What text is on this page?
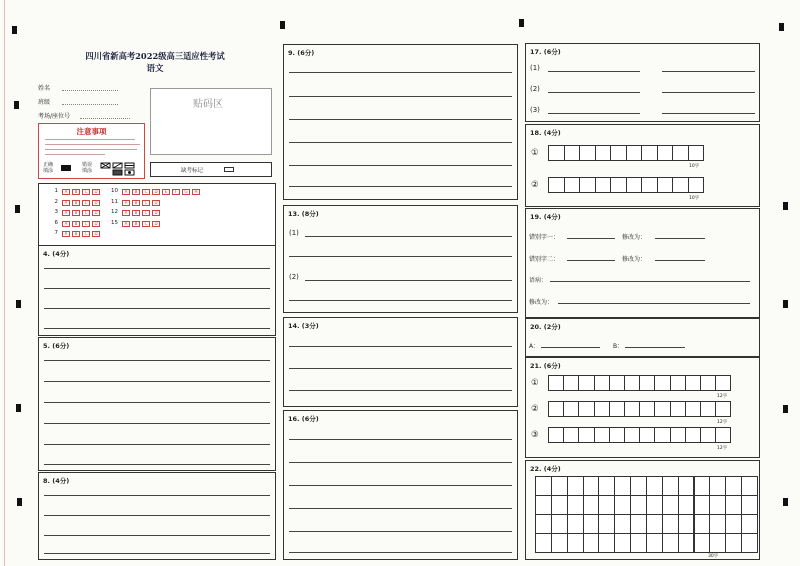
四川省新高考2022级高三适应性考试
语文
姓名
班级
考场/座位号
贴码区
注意事项
正确
填涂
错误
填涂	缺考标记
4. (4分)
5. (6分)
8. (4分)
9. (6分)
13. (8分)
(1)
(2)
14. (3分)
16. (6分)
17. (6分)
(1)
(2)
(3)
18. (4分)
①
10字
②
10字
19. (4分)
错别字一：	修改为：
错别字二：	修改为：
语病：
修改为：
20. (2分)
A：	B：
21. (6分)
①
12字
②
12字
③
12字
22. (4分)
30字
1	A	B	C	D
2	A	B	C	D
3	A	B	C	D
6	A	B	C	D
7	A	B	C	D
10	A	B	C	D	E	F	G	H
11	A	B	C	D
12	A	B	C	D
15	A	B	C	D
